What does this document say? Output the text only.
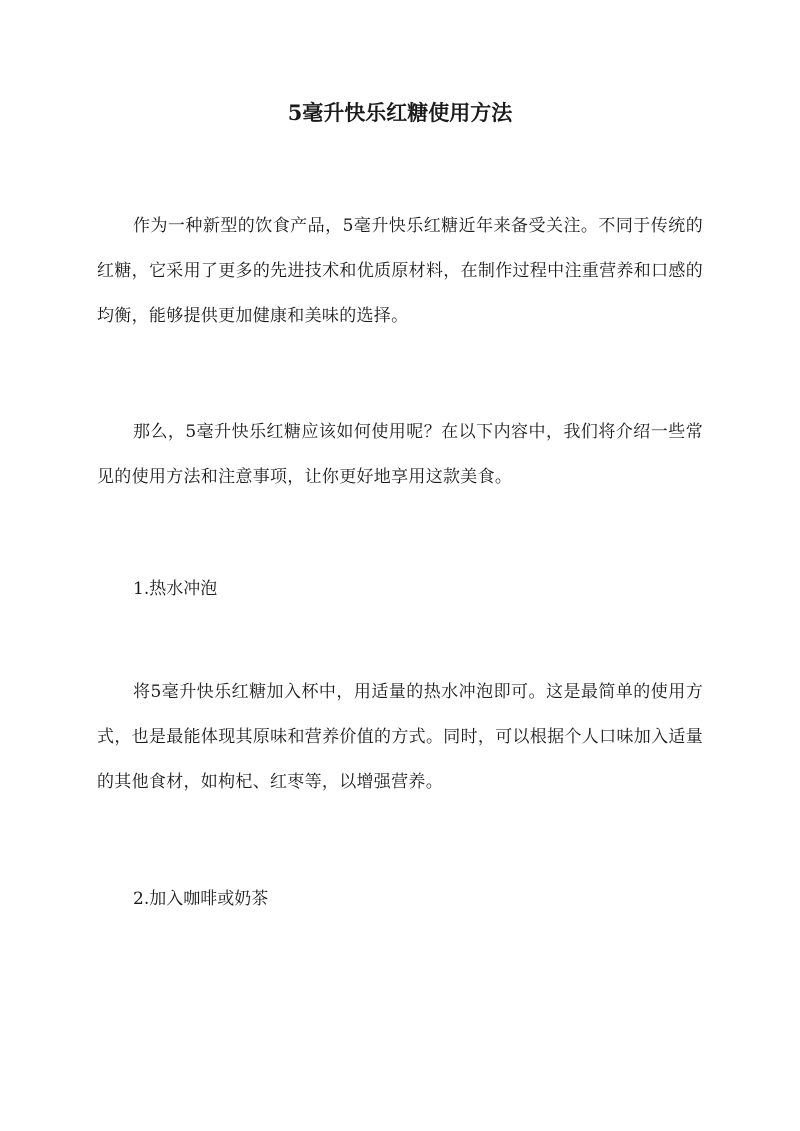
5毫升快乐红糖使用方法

作为一种新型的饮食产品，5毫升快乐红糖近年来备受关注。不同于传统的红糖，它采用了更多的先进技术和优质原材料，在制作过程中注重营养和口感的均衡，能够提供更加健康和美味的选择。

那么，5毫升快乐红糖应该如何使用呢？在以下内容中，我们将介绍一些常见的使用方法和注意事项，让你更好地享用这款美食。

1.热水冲泡

将5毫升快乐红糖加入杯中，用适量的热水冲泡即可。这是最简单的使用方式，也是最能体现其原味和营养价值的方式。同时，可以根据个人口味加入适量的其他食材，如枸杞、红枣等，以增强营养。

2.加入咖啡或奶茶
